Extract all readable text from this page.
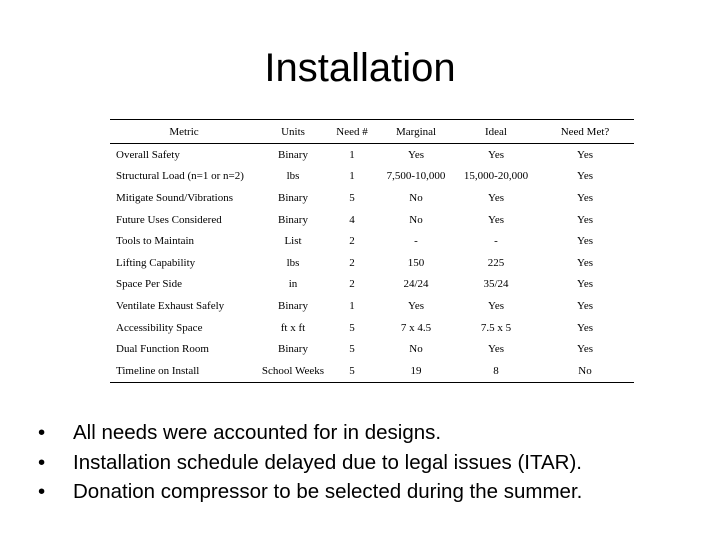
Installation
Metric	Units	Need #	Marginal	Ideal	Need Met?
Overall Safety	Binary	1	Yes	Yes	Yes
Structural Load (n=1 or n=2)	lbs	1	7,500-10,000	15,000-20,000	Yes
Mitigate Sound/Vibrations	Binary	5	No	Yes	Yes
Future Uses Considered	Binary	4	No	Yes	Yes
Tools to Maintain	List	2	-	-	Yes
Lifting Capability	lbs	2	150	225	Yes
Space Per Side	in	2	24/24	35/24	Yes
Ventilate Exhaust Safely	Binary	1	Yes	Yes	Yes
Accessibility Space	ft x ft	5	7 x 4.5	7.5 x 5	Yes
Dual Function Room	Binary	5	No	Yes	Yes
Timeline on Install	School Weeks	5	19	8	No
• All needs were accounted for in designs.
• Installation schedule delayed due to legal issues (ITAR).
• Donation compressor to be selected during the summer.
